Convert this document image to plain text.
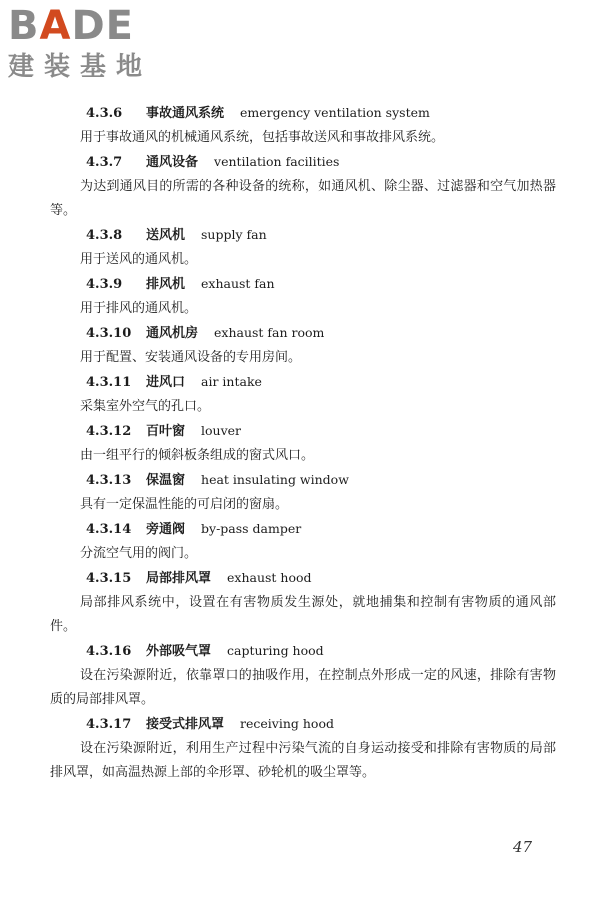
BADE
建装基地
4.3.6 事故通风系统 emergency ventilation system
用于事故通风的机械通风系统，包括事故送风和事故排风系统。
4.3.7 通风设备 ventilation facilities
为达到通风目的所需的各种设备的统称，如通风机、除尘器、过滤器和空气加热器等。
4.3.8 送风机 supply fan
用于送风的通风机。
4.3.9 排风机 exhaust fan
用于排风的通风机。
4.3.10 通风机房 exhaust fan room
用于配置、安装通风设备的专用房间。
4.3.11 进风口 air intake
采集室外空气的孔口。
4.3.12 百叶窗 louver
由一组平行的倾斜板条组成的窗式风口。
4.3.13 保温窗 heat insulating window
具有一定保温性能的可启闭的窗扇。
4.3.14 旁通阀 by-pass damper
分流空气用的阀门。
4.3.15 局部排风罩 exhaust hood
局部排风系统中，设置在有害物质发生源处，就地捕集和控制有害物质的通风部件。
4.3.16 外部吸气罩 capturing hood
设在污染源附近，依靠罩口的抽吸作用，在控制点外形成一定的风速，排除有害物质的局部排风罩。
4.3.17 接受式排风罩 receiving hood
设在污染源附近，利用生产过程中污染气流的自身运动接受和排除有害物质的局部排风罩，如高温热源上部的伞形罩、砂轮机的吸尘罩等。
47
